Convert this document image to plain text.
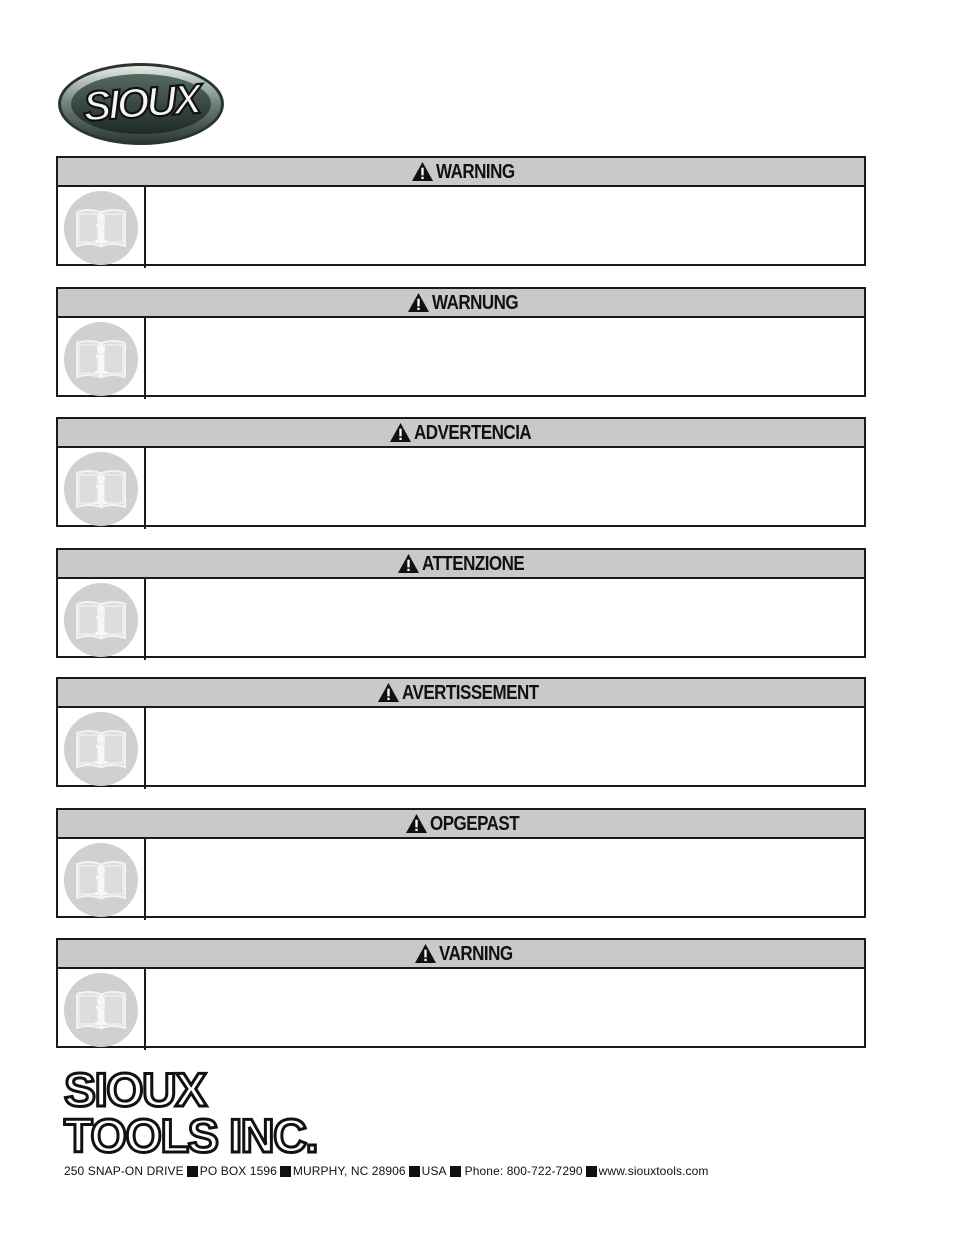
SIOUX
WARNING
WARNUNG
ADVERTENCIA
ATTENZIONE
AVERTISSEMENT
OPGEPAST
VARNING
SIOUX
TOOLS INC.
250 SNAP-ON DRIVE PO BOX 1596 MURPHY, NC 28906 USA Phone: 800-722-7290 www.siouxtools.com
